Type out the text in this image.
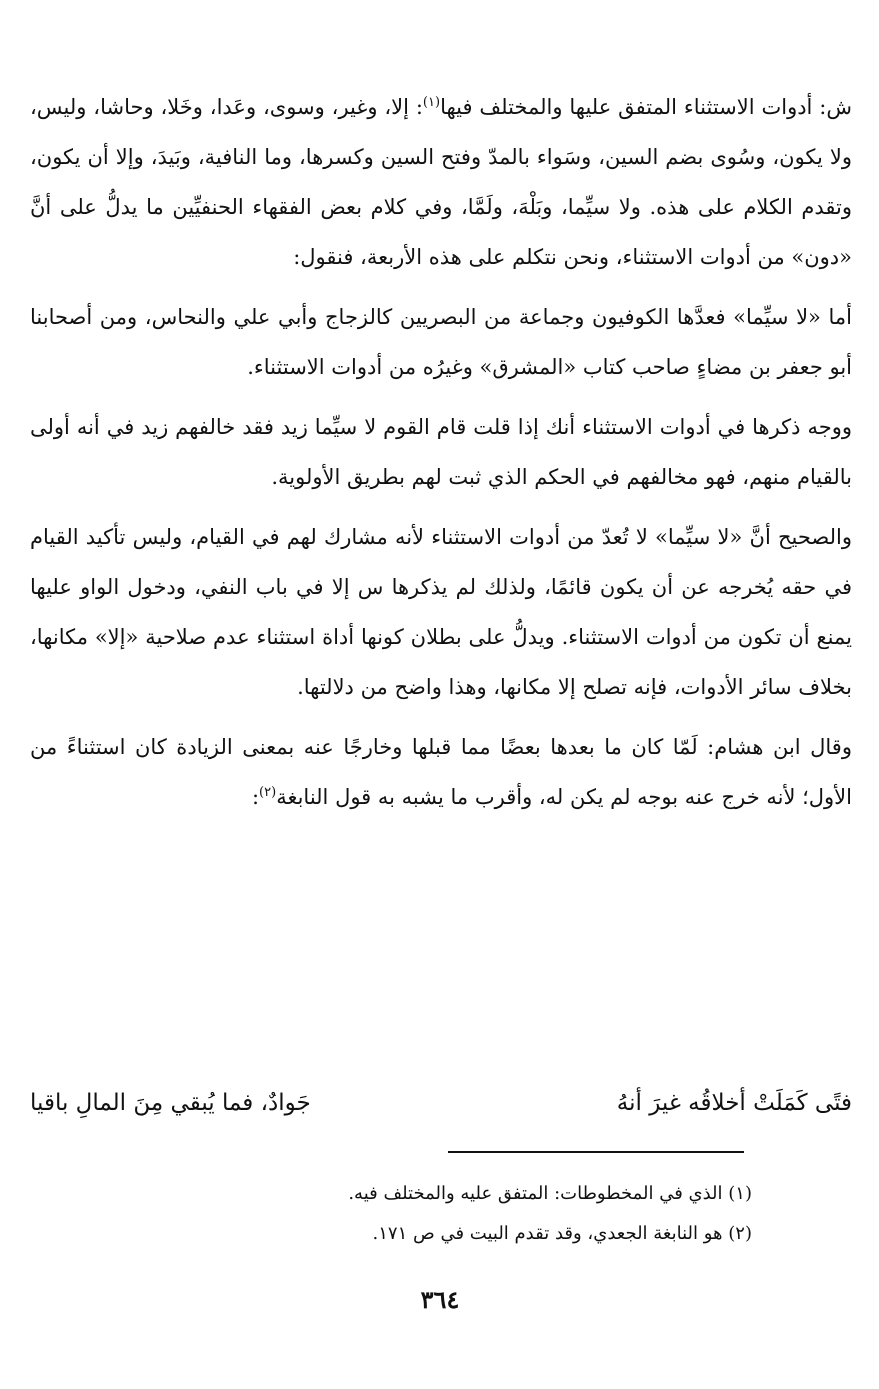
ش: أدوات الاستثناء المتفق عليها والمختلف فيها$^{(١)}$: إلا، وغير، وسوى، وعَدا، وخَلا، وحاشا، وليس، ولا يكون، وسُوى بضم السين، وسَواء بالمدّ وفتح السين وكسرها، وما النافية، وبَيدَ، وإلا أن يكون، وتقدم الكلام على هذه. ولا سيِّما، وبَلْهَ، ولَمَّا، وفي كلام بعض الفقهاء الحنفيِّين ما يدلُّ على أنَّ «دون» من أدوات الاستثناء، ونحن نتكلم على هذه الأربعة، فنقول:

أما «لا سيِّما» فعدَّها الكوفيون وجماعة من البصريين كالزجاج وأبي علي والنحاس، ومن أصحابنا أبو جعفر بن مضاءٍ صاحب كتاب «المشرق» وغيرُه من أدوات الاستثناء.

ووجه ذكرها في أدوات الاستثناء أنك إذا قلت قام القوم لا سيِّما زيد فقد خالفهم زيد في أنه أولى بالقيام منهم، فهو مخالفهم في الحكم الذي ثبت لهم بطريق الأولوية.

والصحيح أنَّ «لا سيِّما» لا تُعدّ من أدوات الاستثناء لأنه مشارك لهم في القيام، وليس تأكيد القيام في حقه يُخرجه عن أن يكون قائمًا، ولذلك لم يذكرها س إلا في باب النفي، ودخول الواو عليها يمنع أن تكون من أدوات الاستثناء. ويدلُّ على بطلان كونها أداة استثناء عدم صلاحية «إلا» مكانها، بخلاف سائر الأدوات، فإنه تصلح إلا مكانها، وهذا واضح من دلالتها.

وقال ابن هشام: لَمّا كان ما بعدها بعضًا مما قبلها وخارجًا عنه بمعنى الزيادة كان استثناءً من الأول؛ لأنه خرج عنه بوجه لم يكن له، وأقرب ما يشبه به قول النابغة$^{(٢)}$:

فتًى كَمَلَتْ أخلاقُه غيرَ أنهُ
جَوادٌ، فما يُبقي مِنَ المالِ باقيا

(١) الذي في المخطوطات: المتفق عليه والمختلف فيه.

(٢) هو النابغة الجعدي، وقد تقدم البيت في ص ١٧١.

٣٦٤
